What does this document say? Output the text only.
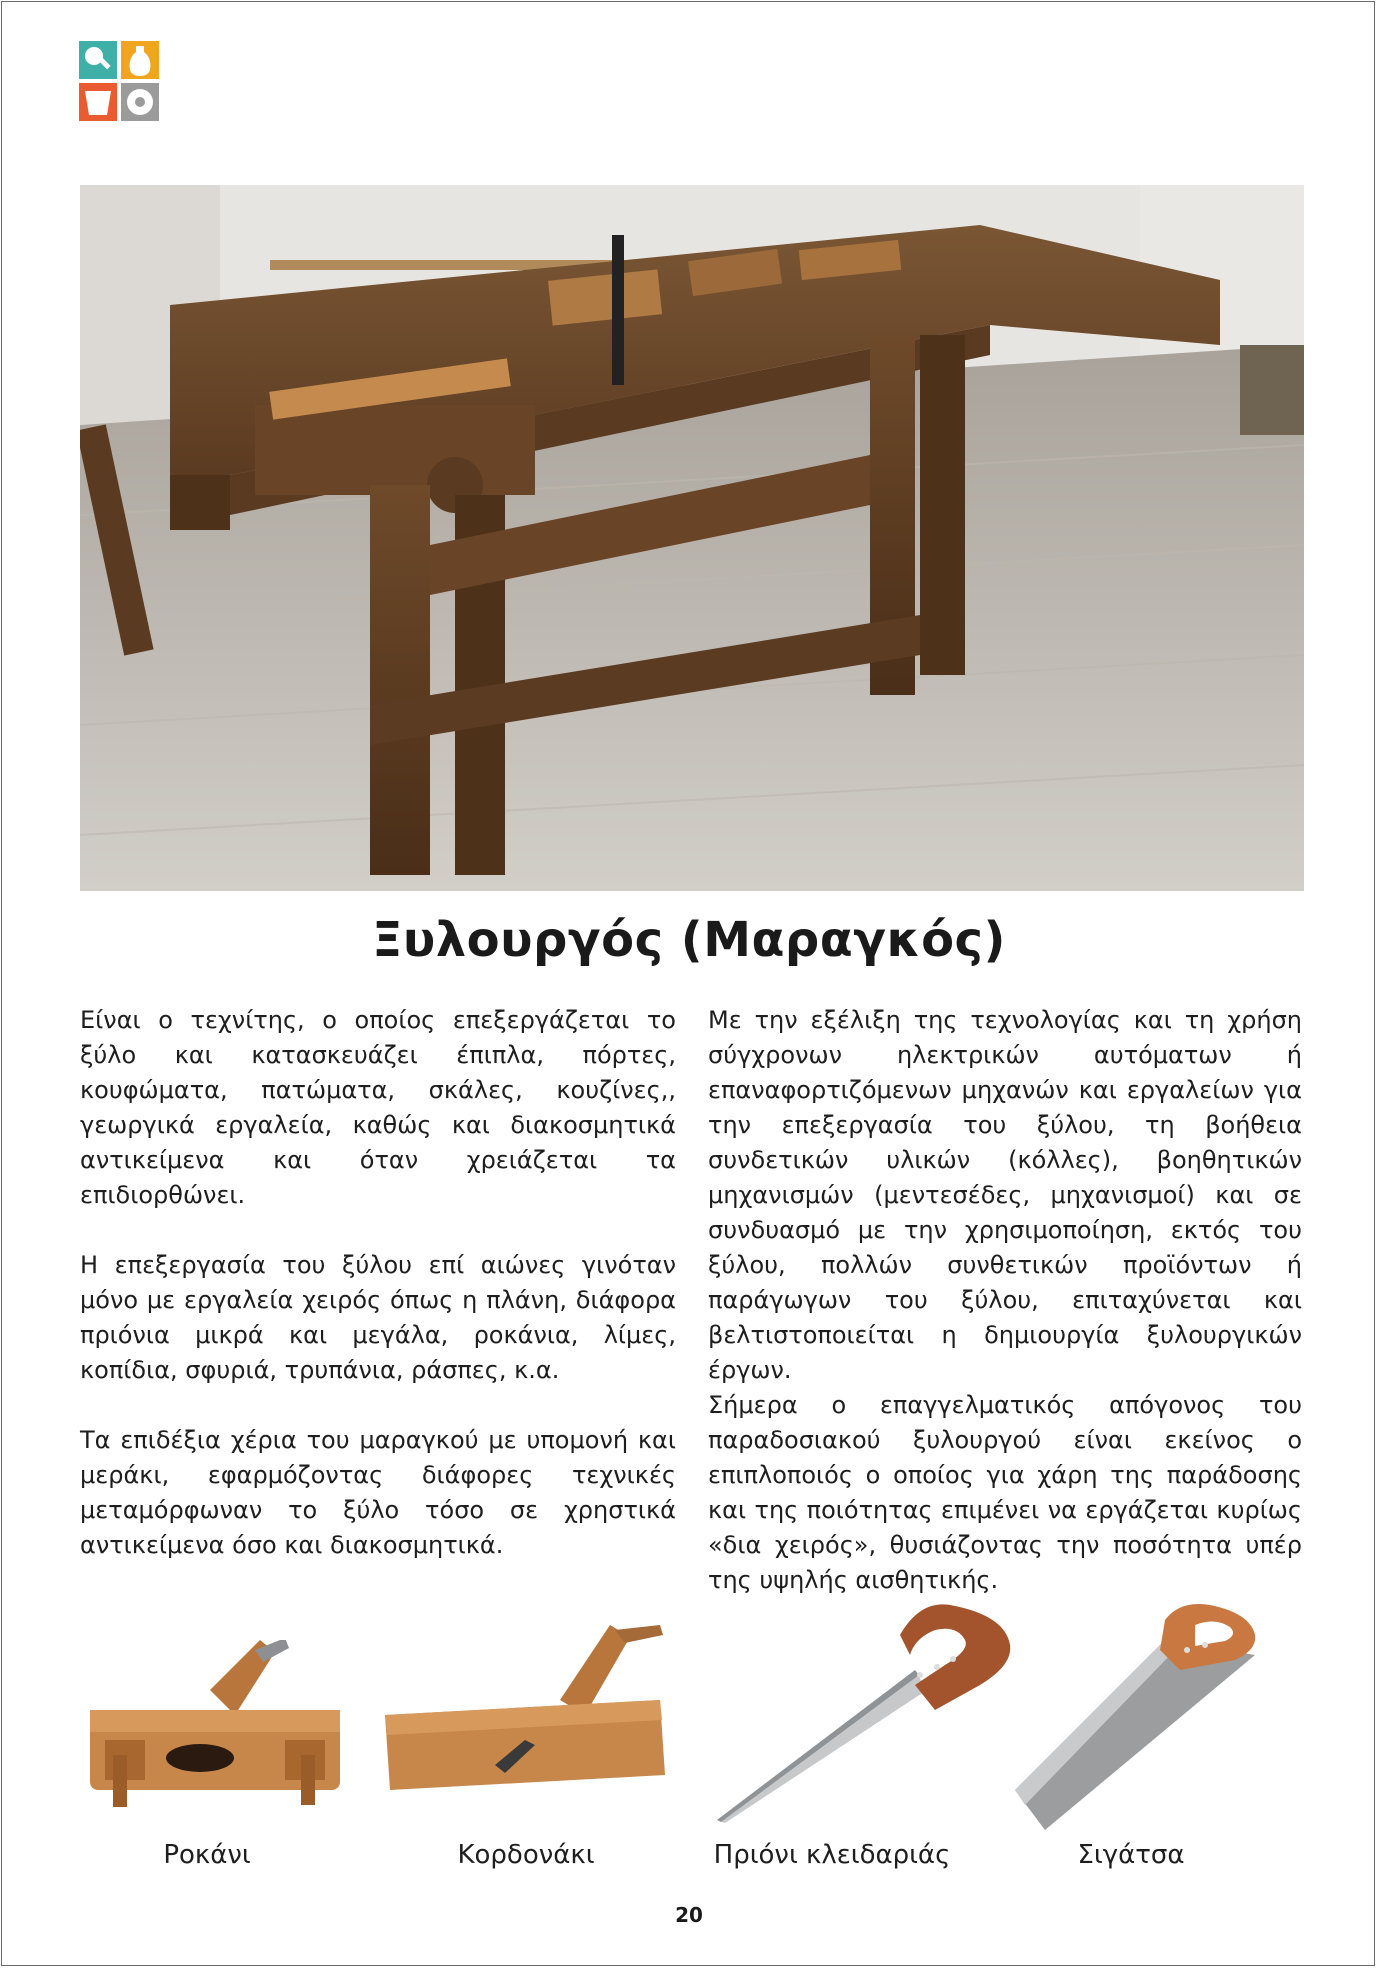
Ξυλουργός (Μαραγκός)

Είναι ο τεχνίτης, ο οποίος επεξεργάζεται το ξύλο και κατασκευάζει έπιπλα, πόρτες, κουφώματα, πατώματα, σκάλες, κουζίνες,, γεωργικά εργαλεία, καθώς και διακοσμητικά αντικείμενα και όταν χρειάζεται τα επιδιορθώνει.

Η επεξεργασία του ξύλου επί αιώνες γινόταν μόνο με εργαλεία χειρός όπως η πλάνη, διάφορα πριόνια μικρά και μεγάλα, ροκάνια, λίμες, κοπίδια, σφυριά, τρυπάνια, ράσπες, κ.α.

Τα επιδέξια χέρια του μαραγκού με υπομονή και μεράκι, εφαρμόζοντας διάφορες τεχνικές μεταμόρφωναν το ξύλο τόσο σε χρηστικά αντικείμενα όσο και διακοσμητικά.

Με την εξέλιξη της τεχνολογίας και τη χρήση σύγχρονων ηλεκτρικών αυτόματων ή επαναφορτιζόμενων μηχανών και εργαλείων για την επεξεργασία του ξύλου, τη βοήθεια συνδετικών υλικών (κόλλες), βοηθητικών μηχανισμών (μεντεσέδες, μηχανισμοί) και σε συνδυασμό με την χρησιμοποίηση, εκτός του ξύλου, πολλών συνθετικών προϊόντων ή παράγωγων του ξύλου, επιταχύνεται και βελτιστοποιείται η δημιουργία ξυλουργικών έργων.

Σήμερα ο επαγγελματικός απόγονος του παραδοσιακού ξυλουργού είναι εκείνος ο επιπλοποιός ο οποίος για χάρη της παράδοσης και της ποιότητας επιμένει να εργάζεται κυρίως «δια χειρός», θυσιάζοντας την ποσότητα υπέρ της υψηλής αισθητικής.

Ροκάνι	Κορδονάκι	Πριόνι κλειδαριάς	Σιγάτσα
20
